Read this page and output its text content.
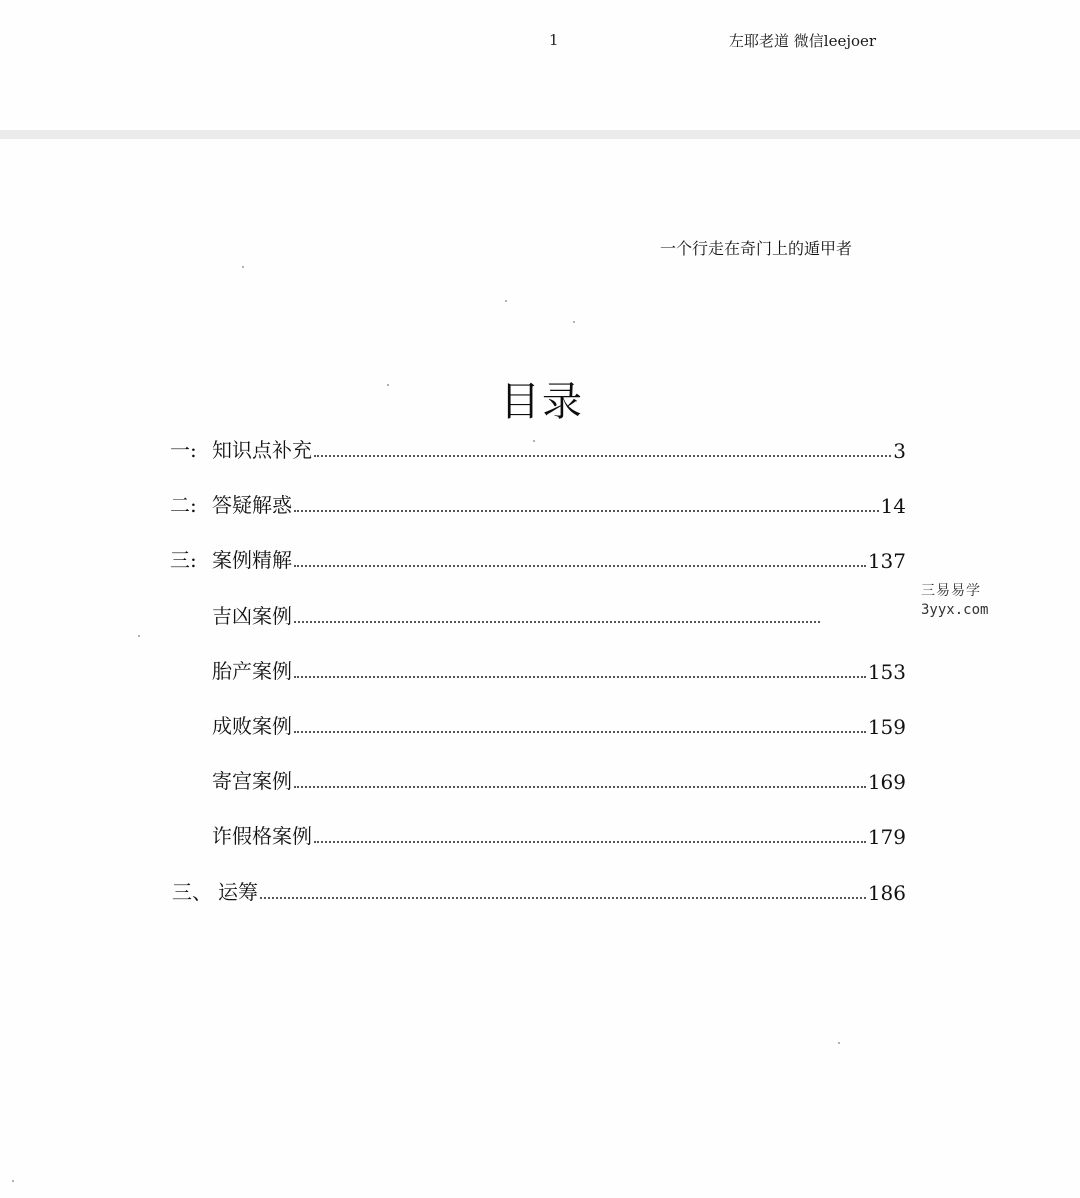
1	左耶老道 微信leejoer
一个行走在奇门上的遁甲者
目录
一: 知识点补充	3
二: 答疑解惑	14
三: 案例精解	137
吉凶案例
胎产案例	153
成败案例	159
寄宫案例	169
诈假格案例	179
三、 运筹	186
三易易学
3yyx.com
